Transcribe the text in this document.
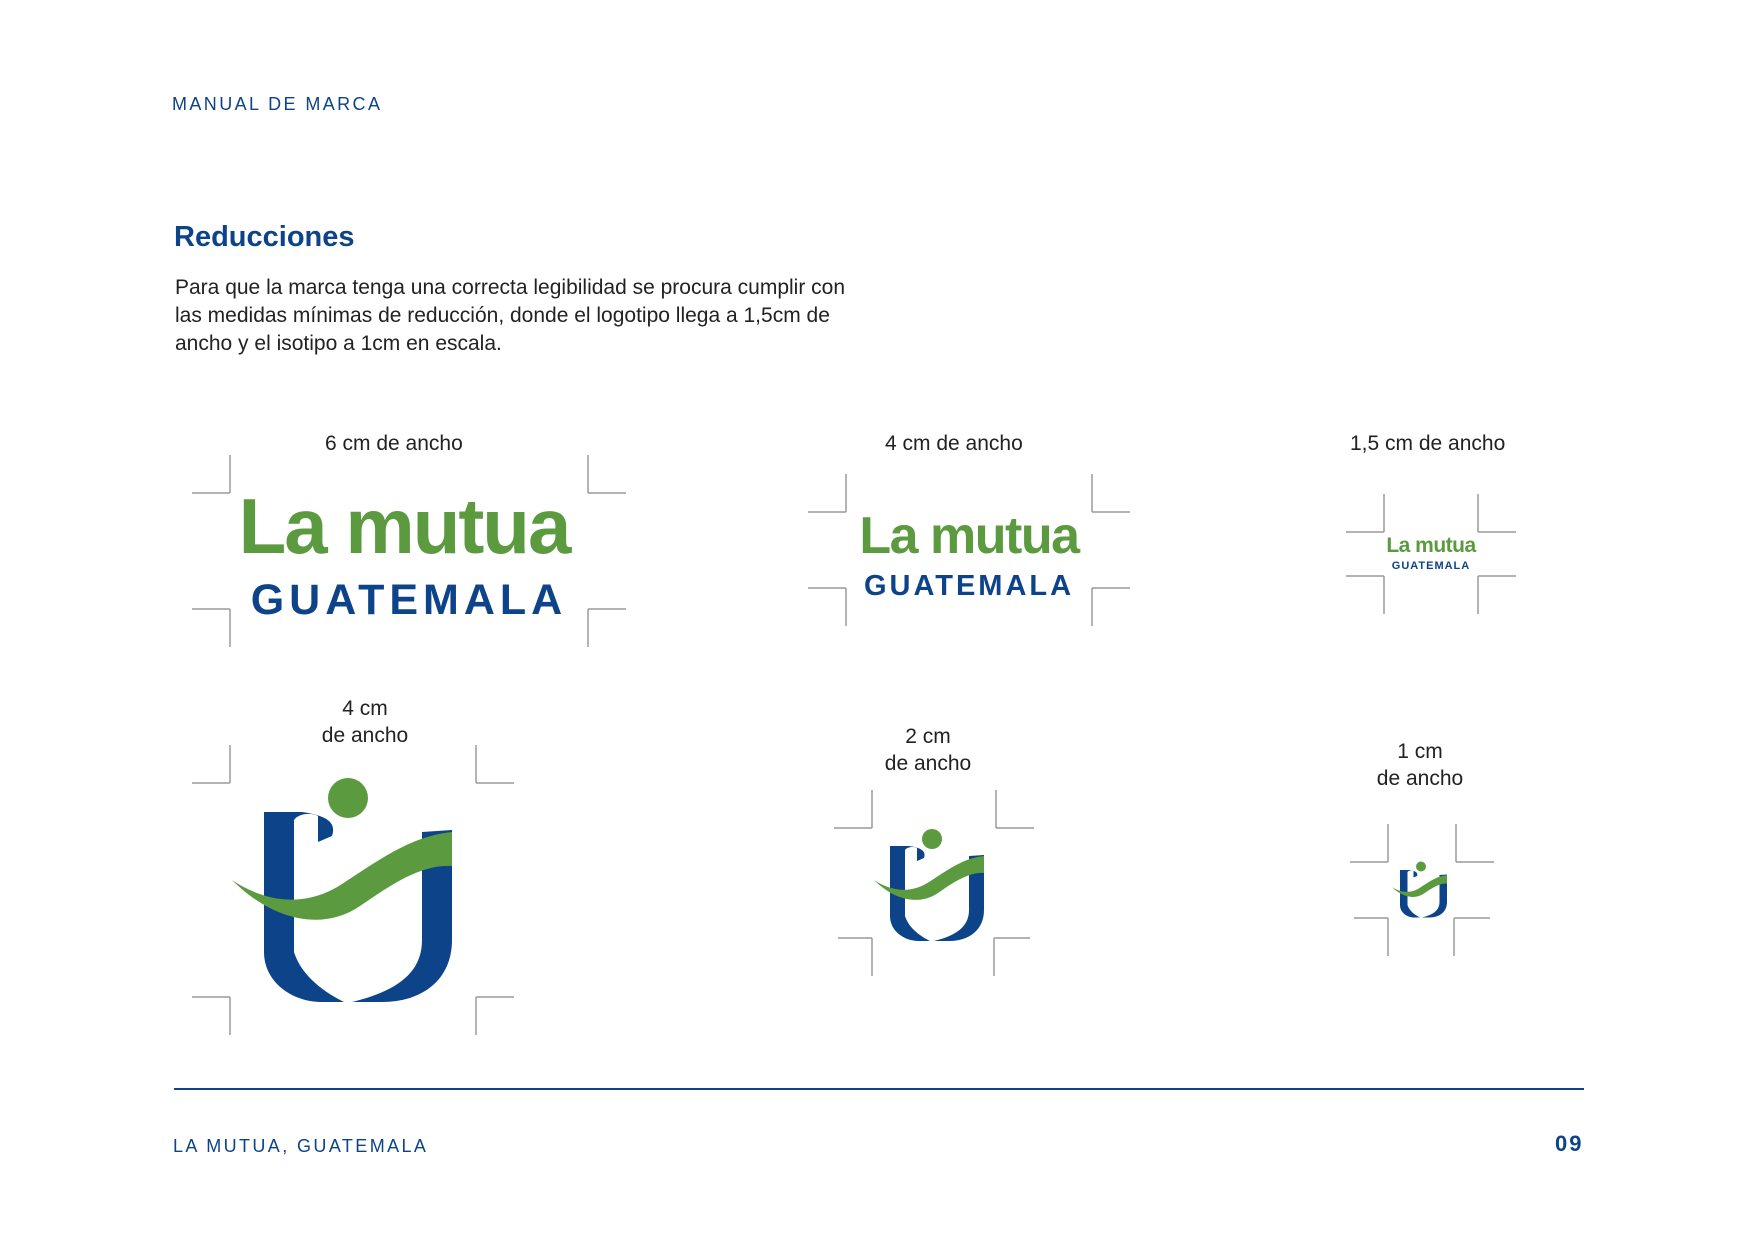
MANUAL DE MARCA
Reducciones
Para que la marca tenga una correcta legibilidad se procura cumplir con las medidas mínimas de reducción, donde el logotipo llega a 1,5cm de ancho y el isotipo a 1cm en escala.
6 cm de ancho
La mutua
GUATEMALA
4 cm de ancho
La mutua
GUATEMALA
1,5 cm de ancho
La mutua
GUATEMALA
4 cm
de ancho	2 cm
de ancho
1 cm
de ancho
LA MUTUA, GUATEMALA	09
